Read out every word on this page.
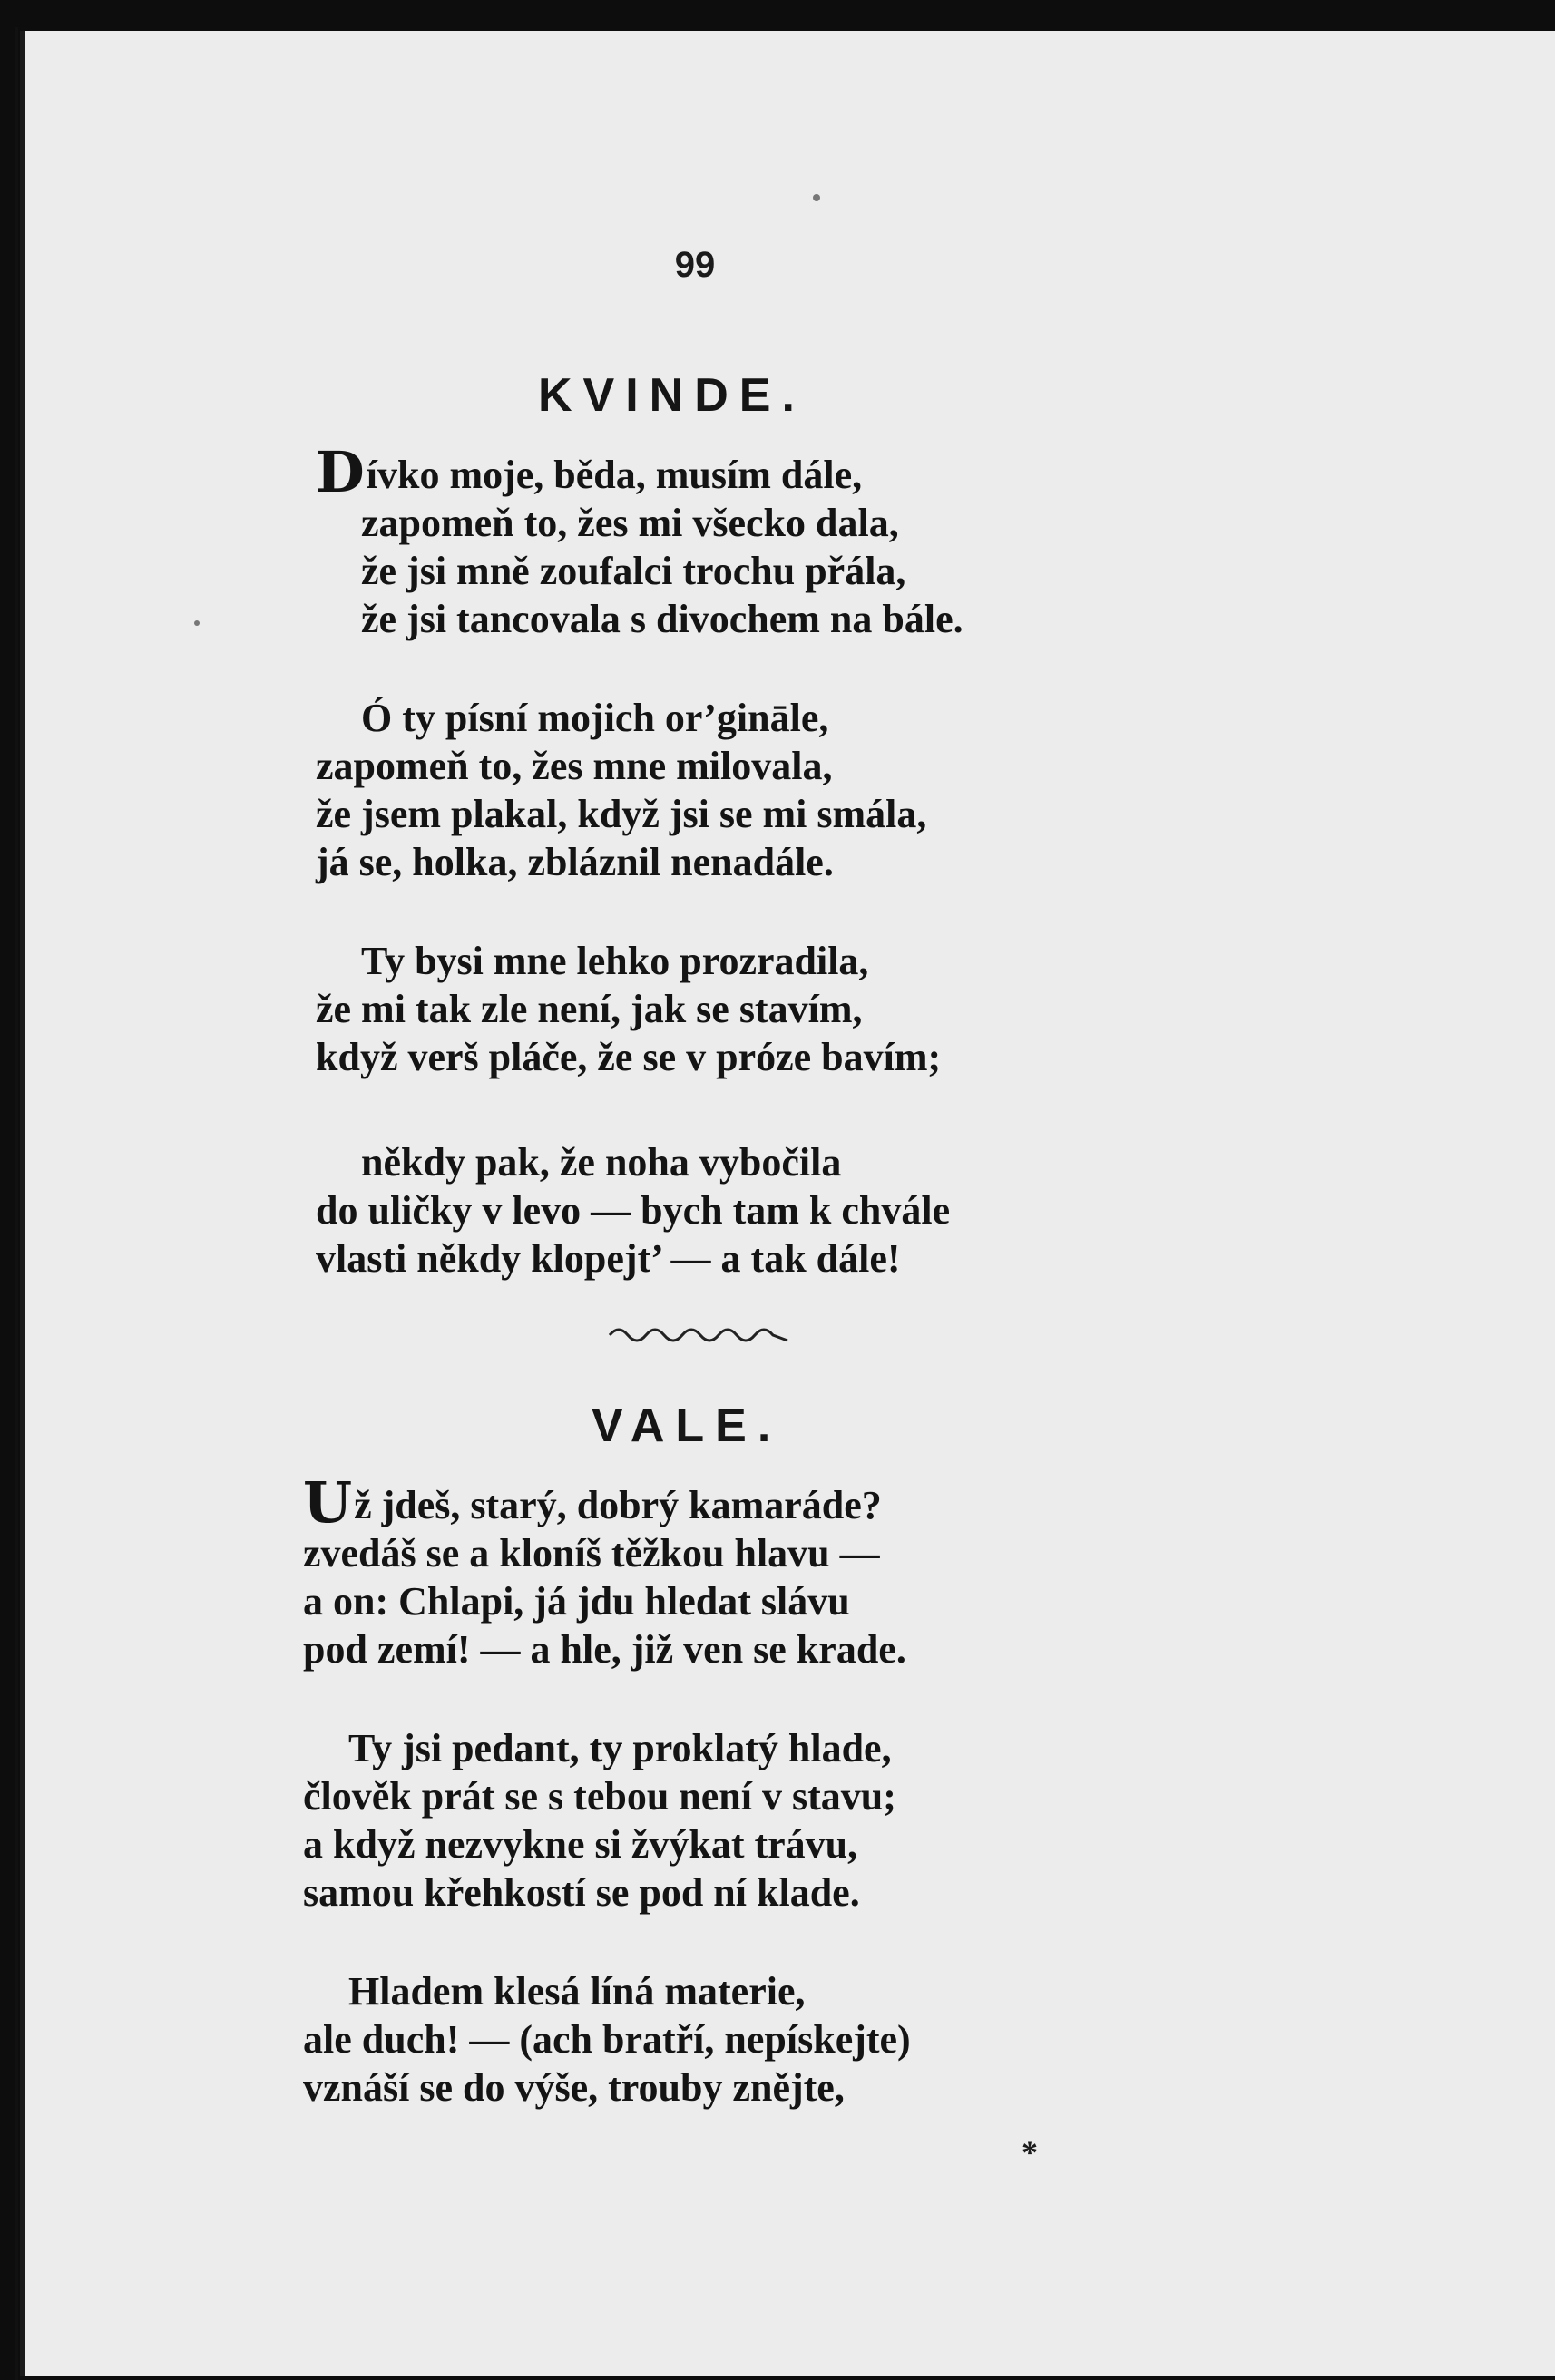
99
KVINDE.
VALE.
Dívko moje, běda, musím dále,
zapomeň to, žes mi všecko dala,
že jsi mně zoufalci trochu přála,
že jsi tancovala s divochem na bále.
Ó ty písní mojich or’gināle,
zapomeň to, žes mne milovala,
že jsem plakal, když jsi se mi smála,
já se, holka, zbláznil nenadále.
Ty bysi mne lehko prozradila,
že mi tak zle není, jak se stavím,
když verš pláče, že se v próze bavím;
někdy pak, že noha vybočila
do uličky v levo — bych tam k chvále
vlasti někdy klopejt’ — a tak dále!
Už jdeš, starý, dobrý kamaráde?
zvedáš se a kloníš těžkou hlavu —
a on: Chlapi, já jdu hledat slávu
pod zemí! — a hle, již ven se krade.
Ty jsi pedant, ty proklatý hlade,
člověk prát se s tebou není v stavu;
a když nezvykne si žvýkat trávu,
samou křehkostí se pod ní klade.
Hladem klesá líná materie,
ale duch! — (ach bratří, nepískejte)
vznáší se do výše, trouby znějte,
*
